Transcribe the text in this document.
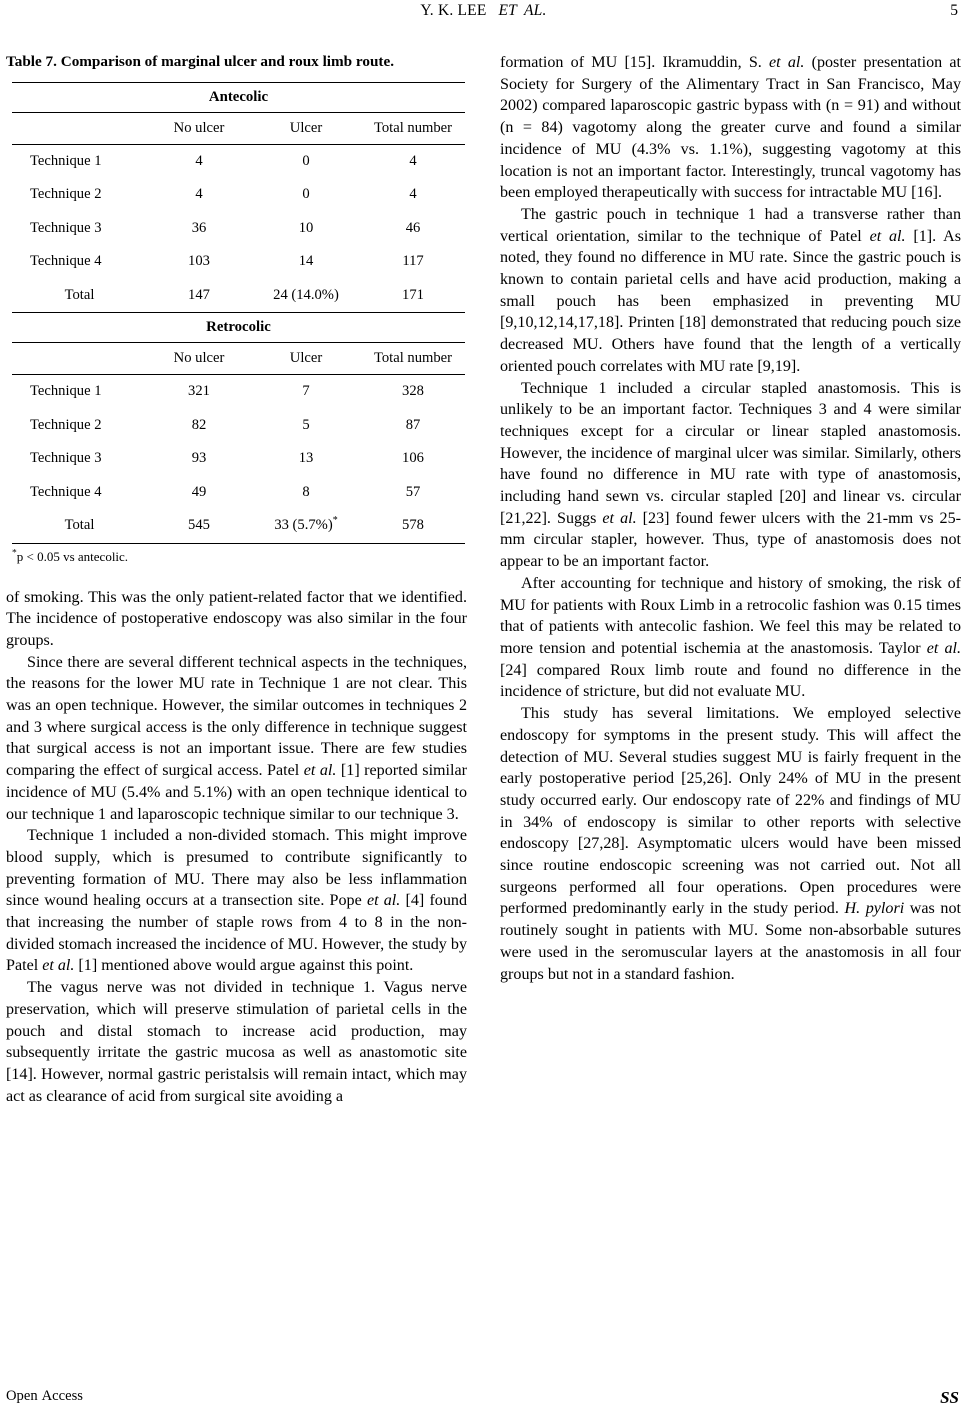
Y. K. LEE ET AL.	5
Table 7. Comparison of marginal ulcer and roux limb route.
Antecolic			
	No ulcer	Ulcer	Total number
Technique 1	4	0	4
Technique 2	4	0	4
Technique 3	36	10	46
Technique 4	103	14	117
Total	147	24 (14.0%)	171
Retrocolic			
	No ulcer	Ulcer	Total number
Technique 1	321	7	328
Technique 2	82	5	87
Technique 3	93	13	106
Technique 4	49	8	57
Total	545	33 (5.7%)*	578
*p < 0.05 vs antecolic.

of smoking. This was the only patient-related factor that we identified. The incidence of postoperative endoscopy was also similar in the four groups.

Since there are several different technical aspects in the techniques, the reasons for the lower MU rate in Technique 1 are not clear. This was an open technique. However, the similar outcomes in techniques 2 and 3 where surgical access is the only difference in technique suggest that surgical access is not an important issue. There are few studies comparing the effect of surgical access. Patel et al. [1] reported similar incidence of MU (5.4% and 5.1%) with an open technique identical to our technique 1 and laparoscopic technique similar to our technique 3.

Technique 1 included a non-divided stomach. This might improve blood supply, which is presumed to contribute significantly to preventing formation of MU. There may also be less inflammation since wound healing occurs at a transection site. Pope et al. [4] found that increasing the number of staple rows from 4 to 8 in the non-divided stomach increased the incidence of MU. However, the study by Patel et al. [1] mentioned above would argue against this point.

The vagus nerve was not divided in technique 1. Vagus nerve preservation, which will preserve stimulation of parietal cells in the pouch and distal stomach to increase acid production, may subsequently irritate the gastric mucosa as well as anastomotic site [14]. However, normal gastric peristalsis will remain intact, which may act as clearance of acid from surgical site avoiding a

formation of MU [15]. Ikramuddin, S. et al. (poster presentation at Society for Surgery of the Alimentary Tract in San Francisco, May 2002) compared laparoscopic gastric bypass with (n = 91) and without (n = 84) vagotomy along the greater curve and found a similar incidence of MU (4.3% vs. 1.1%), suggesting vagotomy at this location is not an important factor. Interestingly, truncal vagotomy has been employed therapeutically with success for intractable MU [16].

The gastric pouch in technique 1 had a transverse rather than vertical orientation, similar to the technique of Patel et al. [1]. As noted, they found no difference in MU rate. Since the gastric pouch is known to contain parietal cells and have acid production, making a small pouch has been emphasized in preventing MU [9,10,12,14,17,18]. Printen [18] demonstrated that reducing pouch size decreased MU. Others have found that the length of a vertically oriented pouch correlates with MU rate [9,19].

Technique 1 included a circular stapled anastomosis. This is unlikely to be an important factor. Techniques 3 and 4 were similar techniques except for a circular or linear stapled anastomosis. However, the incidence of marginal ulcer was similar. Similarly, others have found no difference in MU rate with type of anastomosis, including hand sewn vs. circular stapled [20] and linear vs. circular [21,22]. Suggs et al. [23] found fewer ulcers with the 21-mm vs 25-mm circular stapler, however. Thus, type of anastomosis does not appear to be an important factor.

After accounting for technique and history of smoking, the risk of MU for patients with Roux Limb in a retrocolic fashion was 0.15 times that of patients with antecolic fashion. We feel this may be related to more tension and potential ischemia at the anastomosis. Taylor et al. [24] compared Roux limb route and found no difference in the incidence of stricture, but did not evaluate MU.

This study has several limitations. We employed selective endoscopy for symptoms in the present study. This will affect the detection of MU. Several studies suggest MU is fairly frequent in the early postoperative period [25,26]. Only 24% of MU in the present study occurred early. Our endoscopy rate of 22% and findings of MU in 34% of endoscopy is similar to other reports with selective endoscopy [27,28]. Asymptomatic ulcers would have been missed since routine endoscopic screening was not carried out. Not all surgeons performed all four operations. Open procedures were performed predominantly early in the study period. H. pylori was not routinely sought in patients with MU. Some non-absorbable sutures were used in the seromuscular layers at the anastomosis in all four groups but not in a standard fashion.

Open Access	SS
